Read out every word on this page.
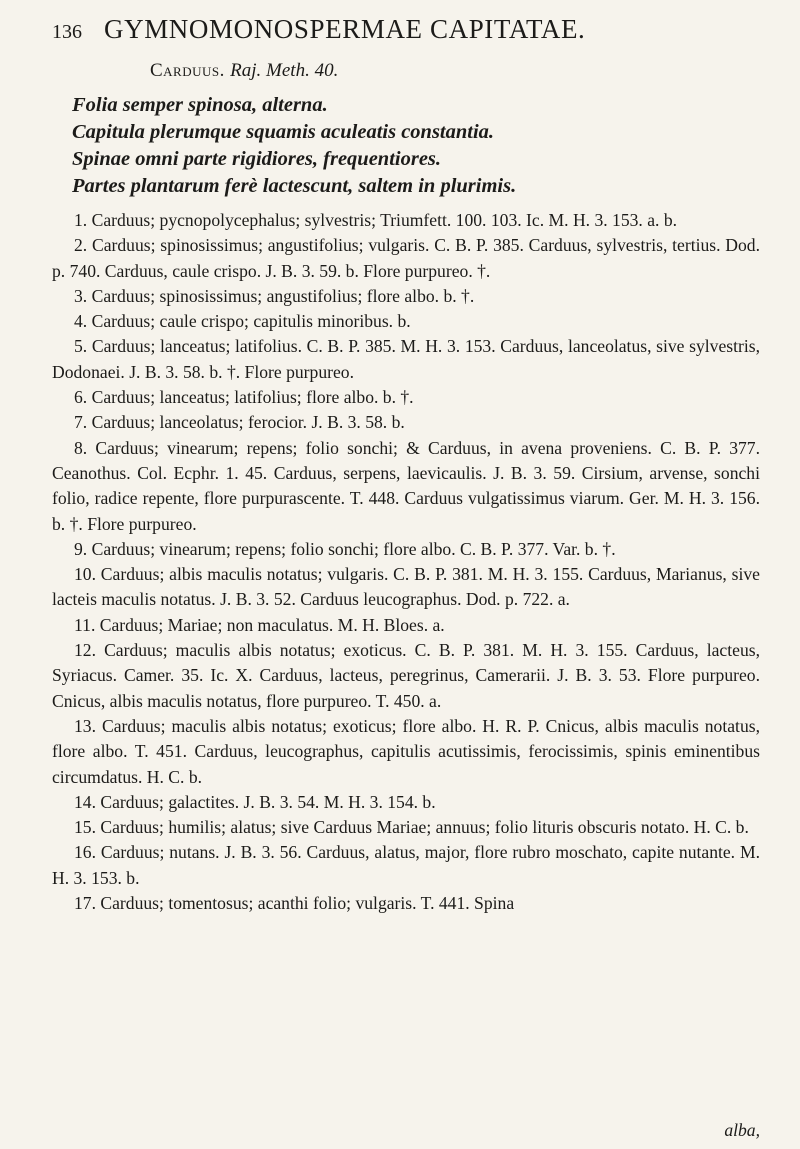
136 GYMNOMONOSPERMAE CAPITATAE.
Carduus. Raj. Meth. 40.
Folia semper spinosa, alterna.
Capitula plerumque squamis aculeatis constantia.
Spinae omni parte rigidiores, frequentiores.
Partes plantarum ferè lactescunt, saltem in plurimis.

1. Carduus; pycnopolycephalus; sylvestris; Triumfett. 100. 103. Ic. M. H. 3. 153. a. b.

2. Carduus; spinosissimus; angustifolius; vulgaris. C. B. P. 385. Carduus, sylvestris, tertius. Dod. p. 740. Carduus, caule crispo. J. B. 3. 59. b. Flore purpureo. †.

3. Carduus; spinosissimus; angustifolius; flore albo. b. †.

4. Carduus; caule crispo; capitulis minoribus. b.

5. Carduus; lanceatus; latifolius. C. B. P. 385. M. H. 3. 153. Carduus, lanceolatus, sive sylvestris, Dodonaei. J. B. 3. 58. b. †. Flore purpureo.

6. Carduus; lanceatus; latifolius; flore albo. b. †.

7. Carduus; lanceolatus; ferocior. J. B. 3. 58. b.

8. Carduus; vinearum; repens; folio sonchi; & Carduus, in avena proveniens. C. B. P. 377. Ceanothus. Col. Ecphr. 1. 45. Carduus, serpens, laevicaulis. J. B. 3. 59. Cirsium, arvense, sonchi folio, radice repente, flore purpurascente. T. 448. Carduus vulgatissimus viarum. Ger. M. H. 3. 156. b. †. Flore purpureo.

9. Carduus; vinearum; repens; folio sonchi; flore albo. C. B. P. 377. Var. b. †.

10. Carduus; albis maculis notatus; vulgaris. C. B. P. 381. M. H. 3. 155. Carduus, Marianus, sive lacteis maculis notatus. J. B. 3. 52. Carduus leucographus. Dod. p. 722. a.

11. Carduus; Mariae; non maculatus. M. H. Bloes. a.

12. Carduus; maculis albis notatus; exoticus. C. B. P. 381. M. H. 3. 155. Carduus, lacteus, Syriacus. Camer. 35. Ic. X. Carduus, lacteus, peregrinus, Camerarii. J. B. 3. 53. Flore purpureo. Cnicus, albis maculis notatus, flore purpureo. T. 450. a.

13. Carduus; maculis albis notatus; exoticus; flore albo. H. R. P. Cnicus, albis maculis notatus, flore albo. T. 451. Carduus, leucographus, capitulis acutissimis, ferocissimis, spinis eminentibus circumdatus. H. C. b.

14. Carduus; galactites. J. B. 3. 54. M. H. 3. 154. b.

15. Carduus; humilis; alatus; sive Carduus Mariae; annuus; folio lituris obscuris notato. H. C. b.

16. Carduus; nutans. J. B. 3. 56. Carduus, alatus, major, flore rubro moschato, capite nutante. M. H. 3. 153. b.

17. Carduus; tomentosus; acanthi folio; vulgaris. T. 441. Spina

alba,
